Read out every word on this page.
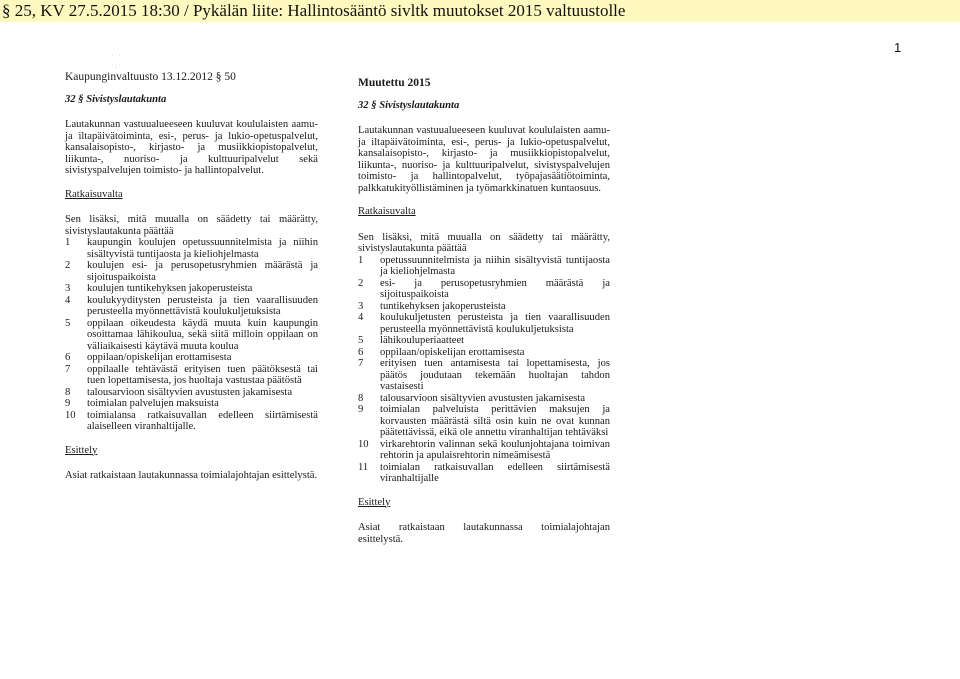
§ 25, KV 27.5.2015 18:30 / Pykälän liite: Hallintosääntö sivltk muutokset 2015 valtuustolle
· ·
·:·
1
Kaupunginvaltuusto 13.12.2012 § 50
32 § Sivistyslautakunta
Lautakunnan vastuualueeseen kuuluvat koululaisten aamu- ja iltapäivätoiminta, esi-, perus- ja lukio-opetuspalvelut, kansalaisopisto-, kirjasto- ja musiikkiopistopalvelut, liikunta-, nuoriso- ja kulttuuripalvelut sekä sivistyspalvelujen toimisto- ja hallintopalvelut.
Ratkaisuvalta
Sen lisäksi, mitä muualla on säädetty tai määrätty, sivistyslautakunta päättää
1	kaupungin koulujen opetussuunnitelmista ja niihin sisältyvistä tuntijaosta ja kieliohjelmasta
2	koulujen esi- ja perusopetusryhmien määrästä ja sijoituspaikoista
3	koulujen tuntikehyksen jakoperusteista
4	koulukyyditysten perusteista ja tien vaarallisuuden perusteella myönnettävistä koulukuljetuksista
5	oppilaan oikeudesta käydä muuta kuin kaupungin osoittamaa lähikoulua, sekä siitä milloin oppilaan on väliaikaisesti käytävä muuta koulua
6	oppilaan/opiskelijan erottamisesta
7	oppilaalle tehtävästä erityisen tuen päätöksestä tai tuen lopettamisesta, jos huoltaja vastustaa päätöstä
8	talousarvioon sisältyvien avustusten jakamisesta
9	toimialan palvelujen maksuista
10	toimialansa ratkaisuvallan edelleen siirtämisestä alaiselleen viranhaltijalle.
Esittely
Asiat ratkaistaan lautakunnassa toimialajohtajan esittelystä.
Muutettu 2015
32 § Sivistyslautakunta
Lautakunnan vastuualueeseen kuuluvat koululaisten aamu- ja iltapäivätoiminta, esi-, perus- ja lukio-opetuspalvelut, kansalaisopisto-, kirjasto- ja musiikkiopistopalvelut, liikunta-, nuoriso- ja kulttuuripalvelut, sivistyspalvelujen toimisto- ja hallintopalvelut, työpajasäätiötoiminta, palkkatukityöllistäminen ja työmarkkinatuen kuntaosuus.
Ratkaisuvalta
Sen lisäksi, mitä muualla on säädetty tai määrätty, sivistyslautakunta päättää
1	opetussuunnitelmista ja niihin sisältyvistä tuntijaosta ja kieliohjelmasta
2	esi- ja perusopetusryhmien määrästä ja sijoituspaikoista
3	tuntikehyksen jakoperusteista
4	koulukuljetusten perusteista ja tien vaarallisuuden perusteella myönnettävistä koulukuljetuksista
5	lähikouluperiaatteet
6	oppilaan/opiskelijan erottamisesta
7	erityisen tuen antamisesta tai lopettamisesta, jos päätös joudutaan tekemään huoltajan tahdon vastaisesti
8	talousarvioon sisältyvien avustusten jakamisesta
9	toimialan palveluista perittävien maksujen ja korvausten määrästä siltä osin kuin ne ovat kunnan päätettävissä, eikä ole annettu viranhaltijan tehtäväksi
10	virkarehtorin valinnan sekä koulunjohtajana toimivan rehtorin ja apulaisrehtorin nimeämisestä
11	toimialan ratkaisuvallan edelleen siirtämisestä viranhaltijalle
Esittely
Asiat ratkaistaan lautakunnassa toimialajohtajan esittelystä.
